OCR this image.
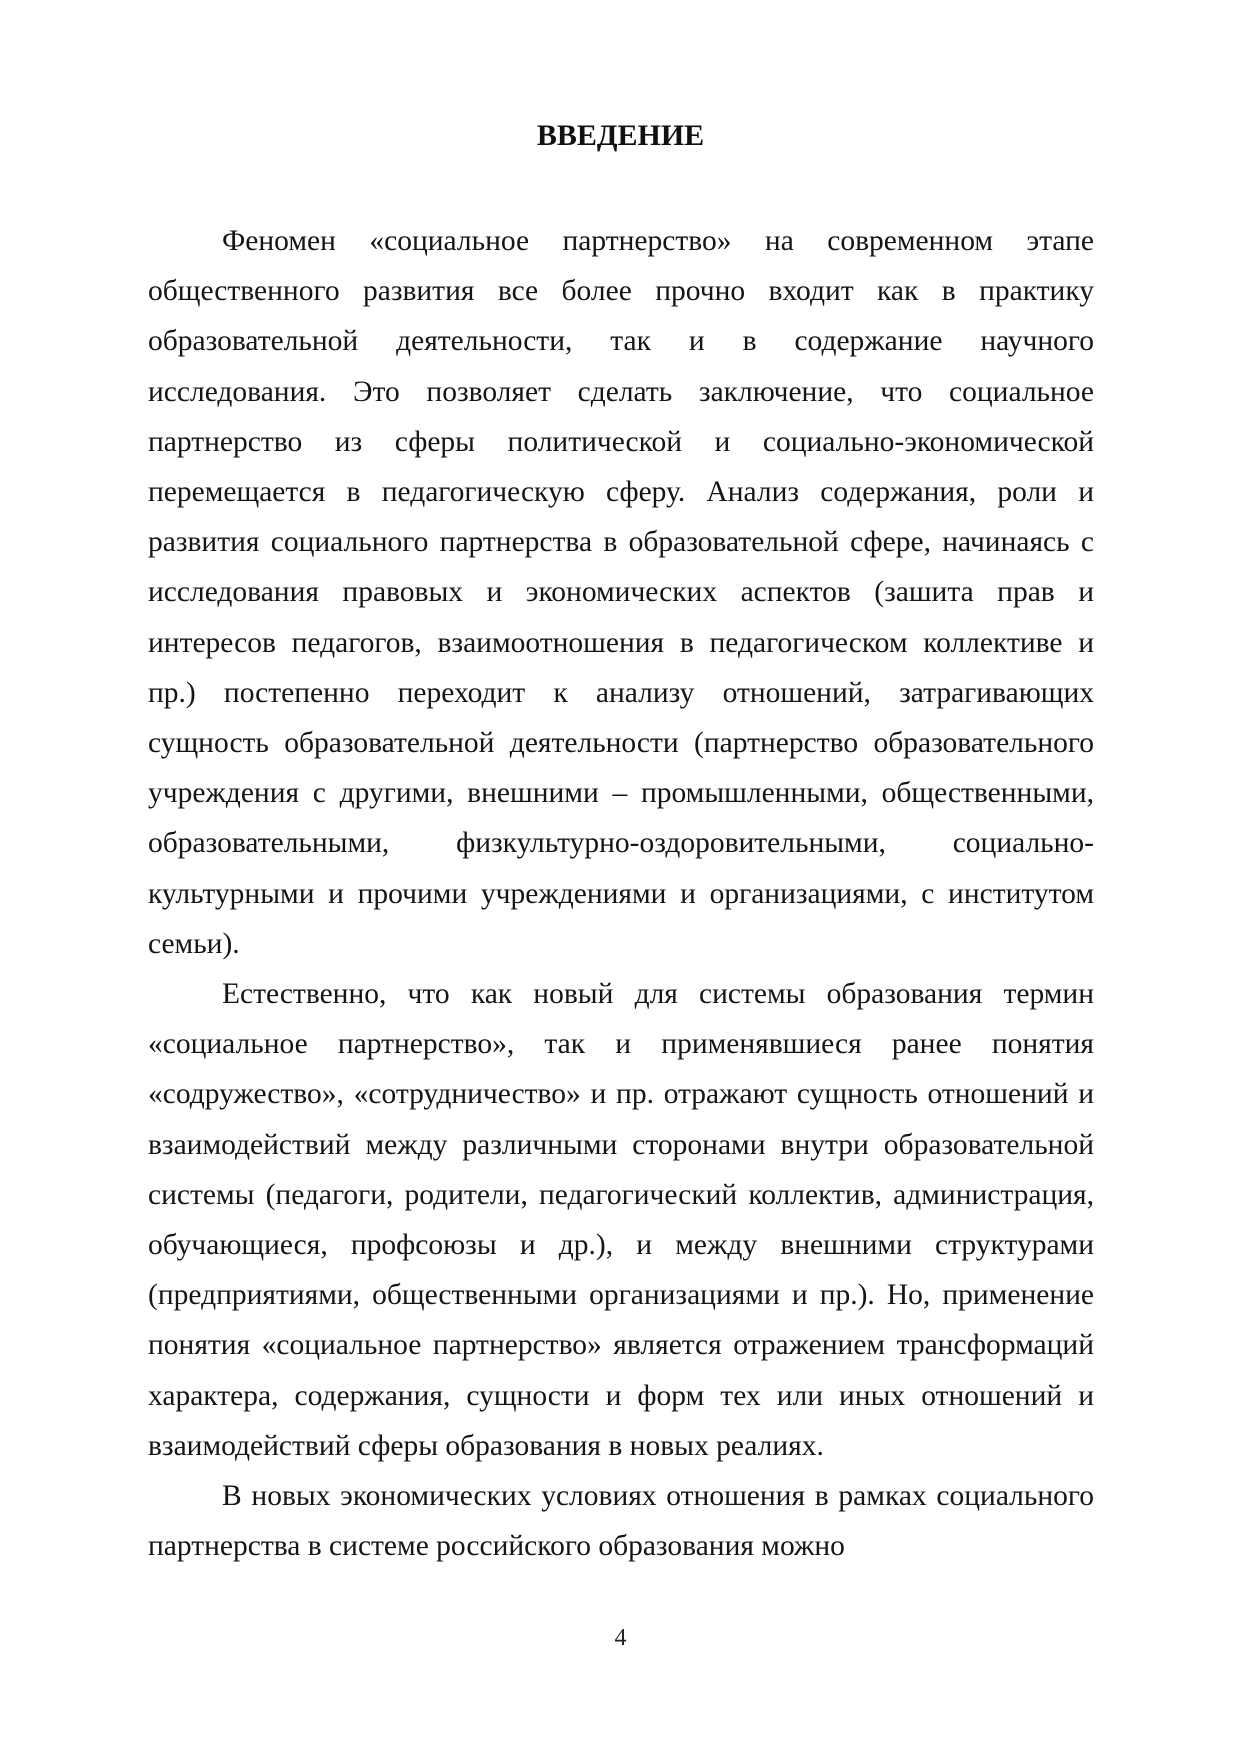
ВВЕДЕНИЕ

Феномен «социальное партнерство» на современном этапе общественного развития все более прочно входит как в практику образовательной деятельности, так и в содержание научного исследования. Это позволяет сделать заключение, что социальное партнерство из сферы политической и социально-экономической перемещается в педагогическую сферу. Анализ содержания, роли и развития социального партнерства в образовательной сфере, начинаясь с исследования правовых и экономических аспектов (зашита прав и интересов педагогов, взаимоотношения в педагогическом коллективе и пр.) постепенно переходит к анализу отношений, затрагивающих сущность образовательной деятельности (партнерство образовательного учреждения с другими, внешними – промышленными, общественными, образовательными, физкультурно-оздоровительными, социально-культурными и прочими учреждениями и организациями, с институтом семьи).

Естественно, что как новый для системы образования термин «социальное партнерство», так и применявшиеся ранее понятия «содружество», «сотрудничество» и пр. отражают сущность отношений и взаимодействий между различными сторонами внутри образовательной системы (педагоги, родители, педагогический коллектив, администрация, обучающиеся, профсоюзы и др.), и между внешними структурами (предприятиями, общественными организациями и пр.). Но, применение понятия «социальное партнерство» является отражением трансформаций характера, содержания, сущности и форм тех или иных отношений и взаимодействий сферы образования в новых реалиях.

В новых экономических условиях отношения в рамках социального партнерства в системе российского образования можно

4
